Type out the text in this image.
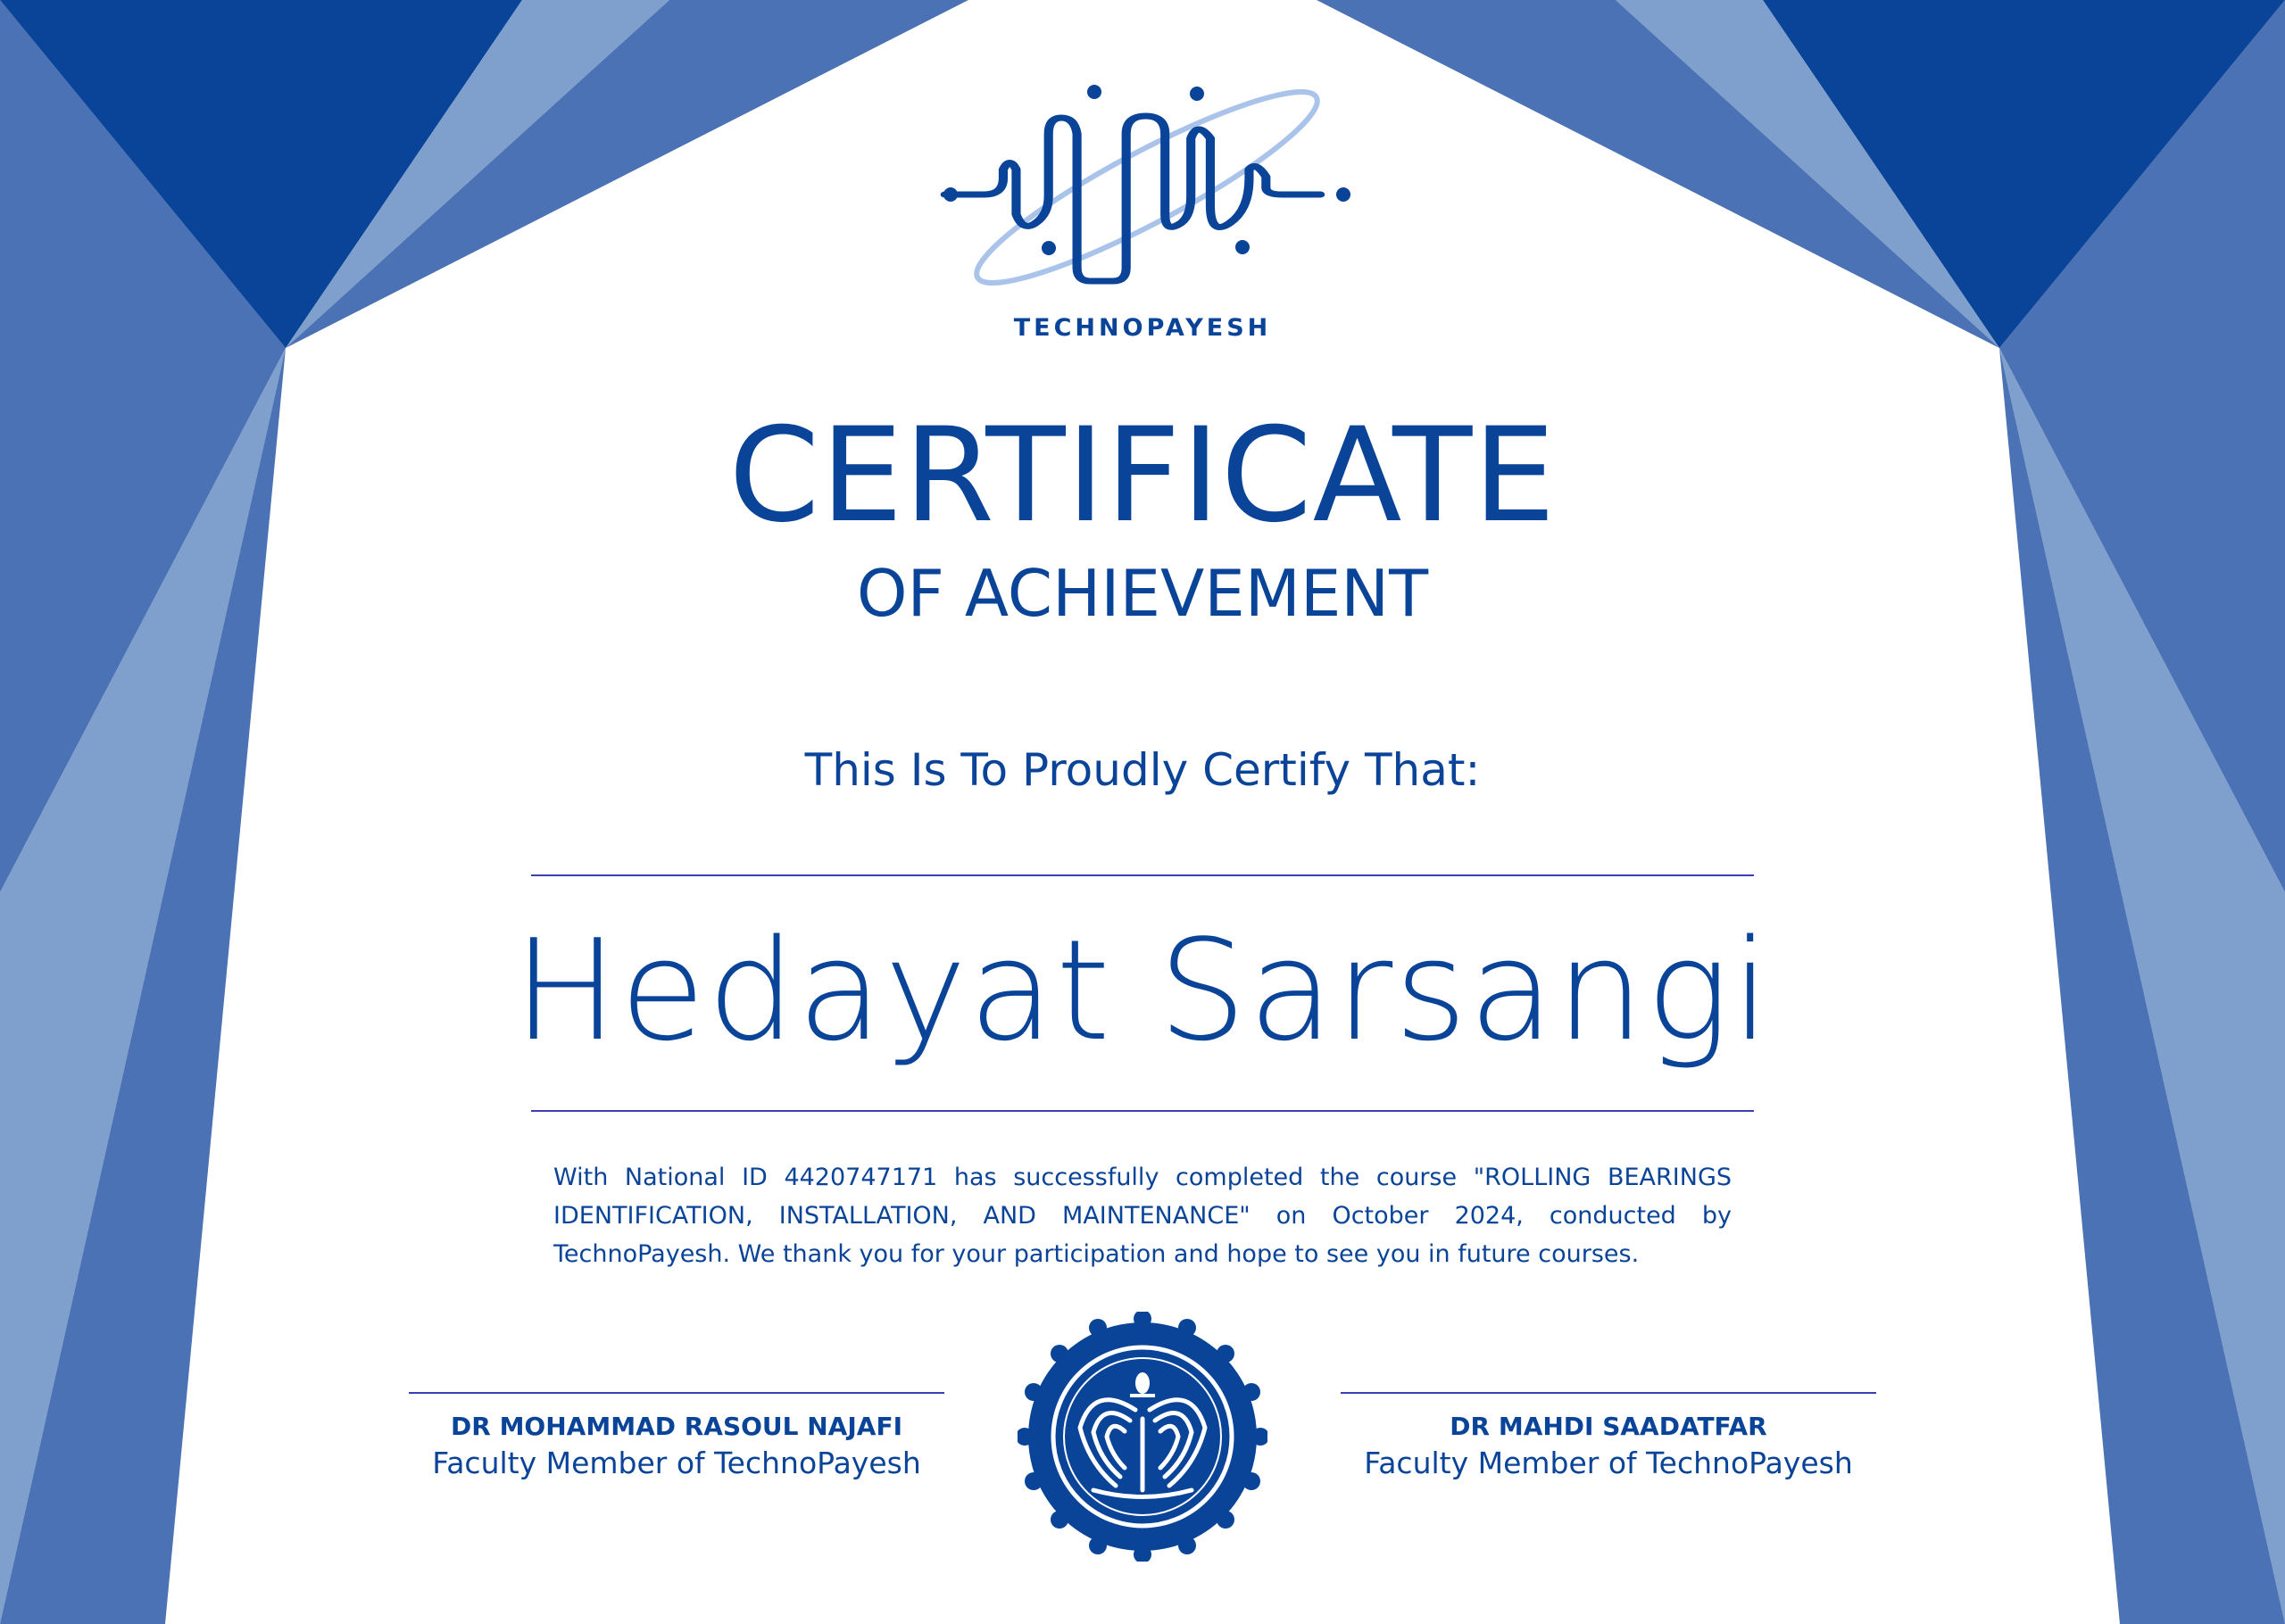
TECHNOPAYESH
CERTIFICATE
OF ACHIEVEMENT
This Is To Proudly Certify That:
Hedayat Sarsangi
With National ID 4420747171 has successfully completed the course "ROLLING BEARINGS IDENTIFICATION, INSTALLATION, AND MAINTENANCE" on October 2024, conducted by TechnoPayesh. We thank you for your participation and hope to see you in future courses.
DR MOHAMMAD RASOUL NAJAFI
Faculty Member of TechnoPayesh
DR MAHDI SAADATFAR
Faculty Member of TechnoPayesh
